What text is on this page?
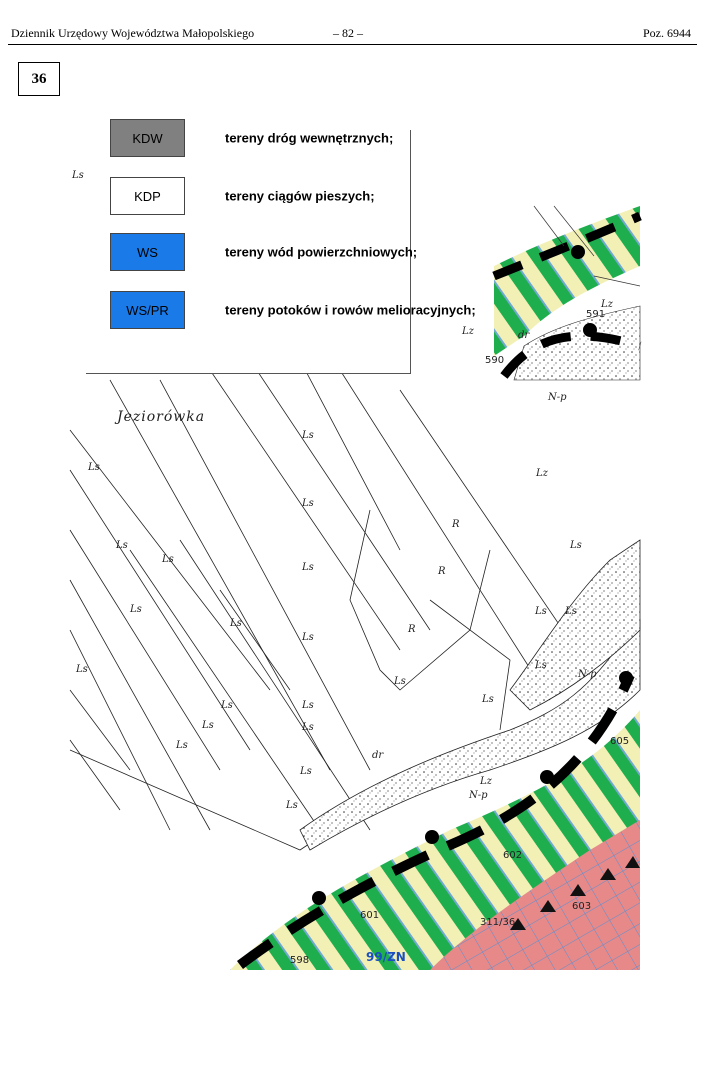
Dziennik Urzędowy Województwa Małopolskiego	– 82 –	Poz. 6944
36
KDW	tereny dróg wewnętrznych;
KDP	tereny ciągów pieszych;
WS	tereny wód powierzchniowych;
WS/PR	tereny potoków i rowów melioracyjnych;
Jeziorówka
Ls
Ls
Ls
Ls
Ls
Ls
Ls
Ls
Ls
Ls
Ls
Ls
Ls
Ls
Ls
Ls
Ls
Ls
Ls
Ls
Ls Ls
Ls
Ls
R
R
R
Lz
Lz
Lz
N-p
N-p
N-p
dr
Lz	dr
591
590
605
602
601
598
603
311/36
99/ZN
